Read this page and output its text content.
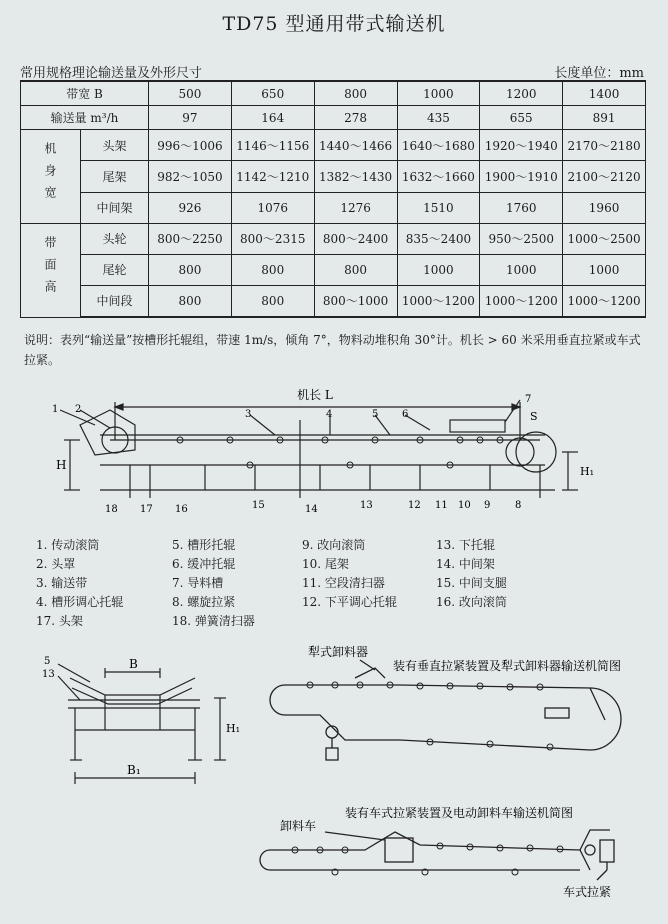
TD75 型通用带式输送机
常用规格理论输送量及外形尺寸	长度单位：mm
带宽 B		500	650	800	1000	1200	1400
输送量 m³/h		97	164	278	435	655	891
机身宽	头架	996～1006	1146～1156	1440～1466	1640～1680	1920～1940	2170～2180
	尾架	982～1050	1142～1210	1382～1430	1632～1660	1900～1910	2100～2120
	中间架	926	1076	1276	1510	1760	1960
带面高	头轮	800～2250	800～2315	800～2400	835～2400	950～2500	1000～2500
	尾轮	800	800	800	1000	1000	1000
	中间段	800	800	800～1000	1000～1200	1000～1200	1000～1200
说明：表列“输送量”按槽形托辊组，带速 1m/s，倾角 7°，物料动堆积角 30°计。机长 > 60 米采用垂直拉紧或车式拉紧。
机长 L
H	H₁
S
1 2	3	4	5 6
7
18 17 16	15	14	13	12 11 10 9 8
1. 传动滚筒	5. 槽形托辊	9. 改向滚筒	13. 下托辊
2. 头罩	6. 缓冲托辊	10. 尾架	14. 中间架
3. 输送带	7. 导料槽	11. 空段清扫器	15. 中间支腿
4. 槽形调心托辊	8. 螺旋拉紧	12. 下平调心托辊	16. 改向滚筒
17. 头架	18. 弹簧清扫器
5
13
B
B₁
H₁
犁式卸料器
装有垂直拉紧装置及犁式卸料器输送机简图
装有车式拉紧装置及电动卸料车输送机简图
卸料车
车式拉紧
